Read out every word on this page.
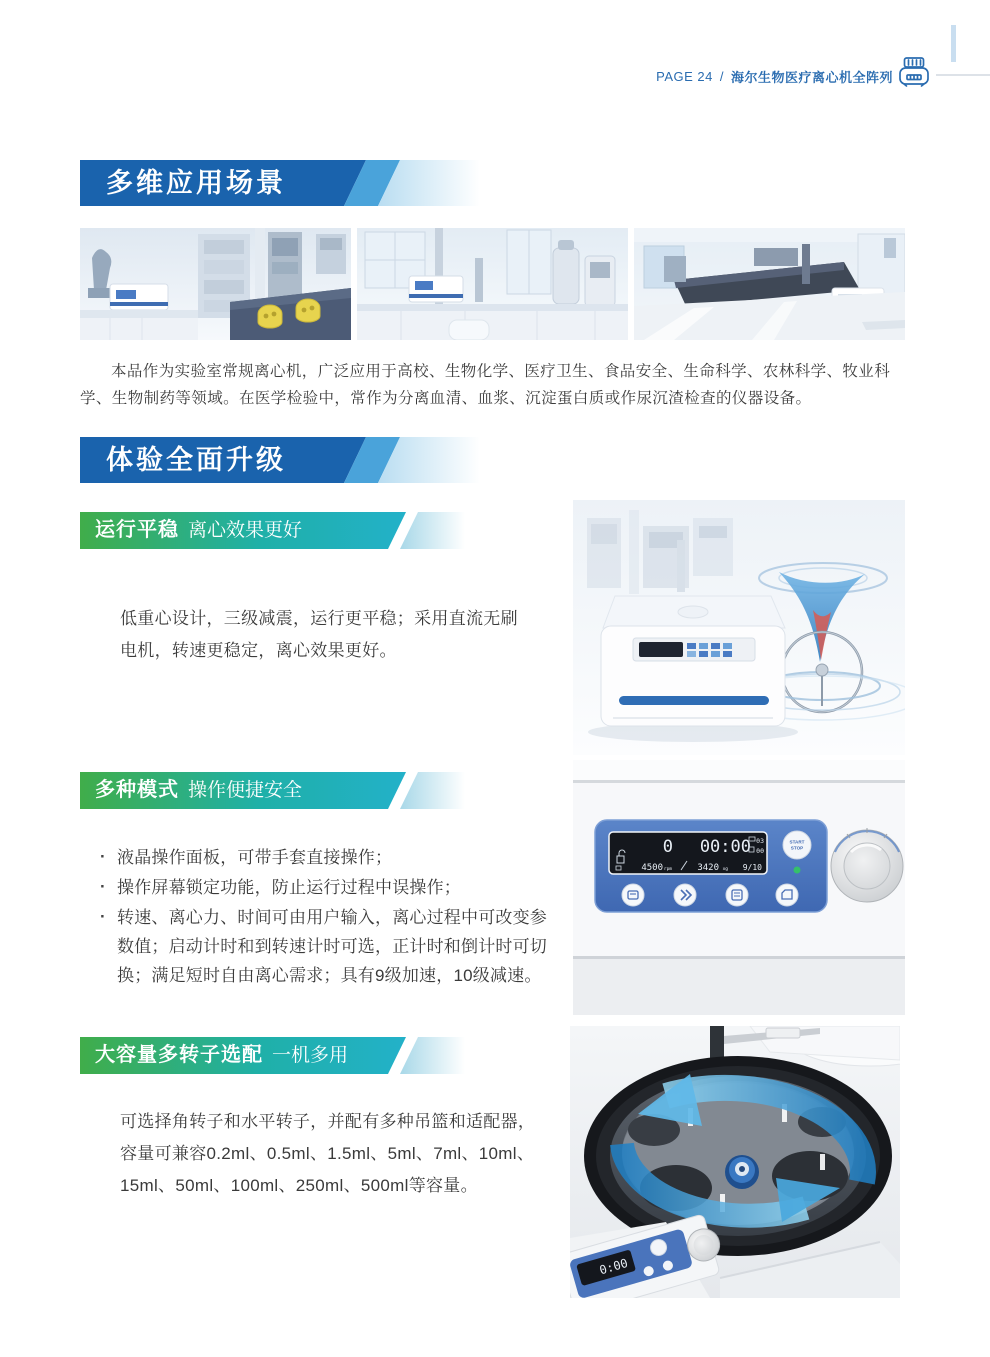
PAGE 24 / 海尔生物医疗离心机全阵列
多维应用场景
本品作为实验室常规离心机，广泛应用于高校、生物化学、医疗卫生、食品安全、生命科学、农林科学、牧业科学、生物制药等领域。在医学检验中，常作为分离血清、血浆、沉淀蛋白质或作尿沉渣检查的仪器设备。
体验全面升级
运行平稳 离心效果更好
低重心设计，三级减震，运行更平稳；采用直流无刷电机，转速更稳定，离心效果更好。
多种模式 操作便捷安全
· 液晶操作面板，可带手套直接操作；
· 操作屏幕锁定功能，防止运行过程中误操作；
· 转速、离心力、时间可由用户输入，离心过程中可改变参数值；启动计时和到转速计时可选，正计时和倒计时可切换；满足短时自由离心需求；具有9级加速，10级减速。
0 00:00 03
00
4500 rpm	3420 xg 9/10
START
STOP
大容量多转子选配 一机多用
可选择角转子和水平转子，并配有多种吊篮和适配器，容量可兼容0.2ml、0.5ml、1.5ml、5ml、7ml、10ml、15ml、50ml、100ml、250ml、500ml等容量。
0:00
